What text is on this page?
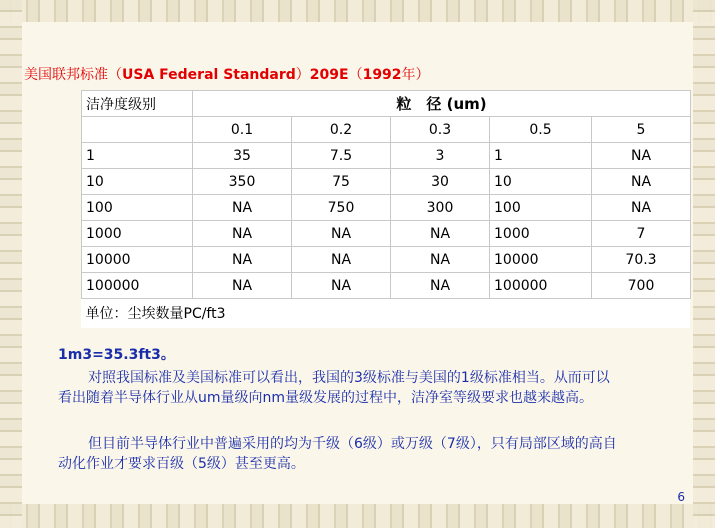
美国联邦标准（USA Federal Standard）209E（1992年）
洁净度级别	粒　径 (um)				
	0.1	0.2	0.3	0.5	5
1	35	7.5	3	1	NA
10	350	75	30	10	NA
100	NA	750	300	100	NA
1000	NA	NA	NA	1000	7
10000	NA	NA	NA	10000	70.3
100000	NA	NA	NA	100000	700
单位：尘埃数量PC/ft3					
1m3=35.3ft3。
对照我国标准及美国标准可以看出，我国的3级标准与美国的1级标准相当。从而可以看出随着半导体行业从um量级向nm量级发展的过程中，洁净室等级要求也越来越高。
但目前半导体行业中普遍采用的均为千级（6级）或万级（7级），只有局部区域的高自动化作业才要求百级（5级）甚至更高。
6
